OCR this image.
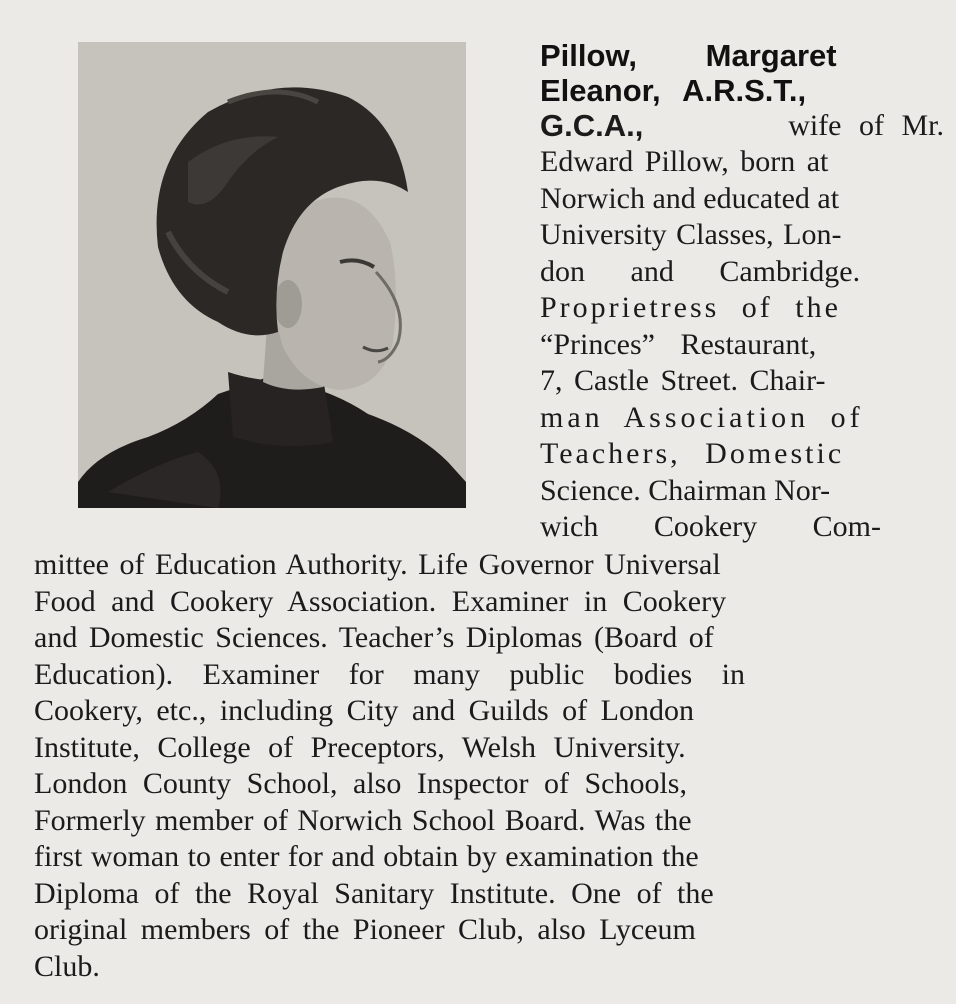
Pillow, Margaret
Eleanor, A.R.S.T.,
G.C.A.,	wife of Mr.
Edward Pillow, born at
Norwich and educated at
University Classes, Lon-
don and Cambridge.
Proprietress of the
“Princes” Restaurant,
7, Castle Street. Chair-
man Association of
Teachers, Domestic
Science. Chairman Nor-
wich Cookery Com-
mittee of Education Authority. Life Governor Universal
Food and Cookery Association. Examiner in Cookery
and Domestic Sciences. Teacher’s Diplomas (Board of
Education). Examiner for many public bodies in
Cookery, etc., including City and Guilds of London
Institute, College of Preceptors, Welsh University.
London County School, also Inspector of Schools,
Formerly member of Norwich School Board. Was the
first woman to enter for and obtain by examination the
Diploma of the Royal Sanitary Institute. One of the
original members of the Pioneer Club, also Lyceum
Club.
